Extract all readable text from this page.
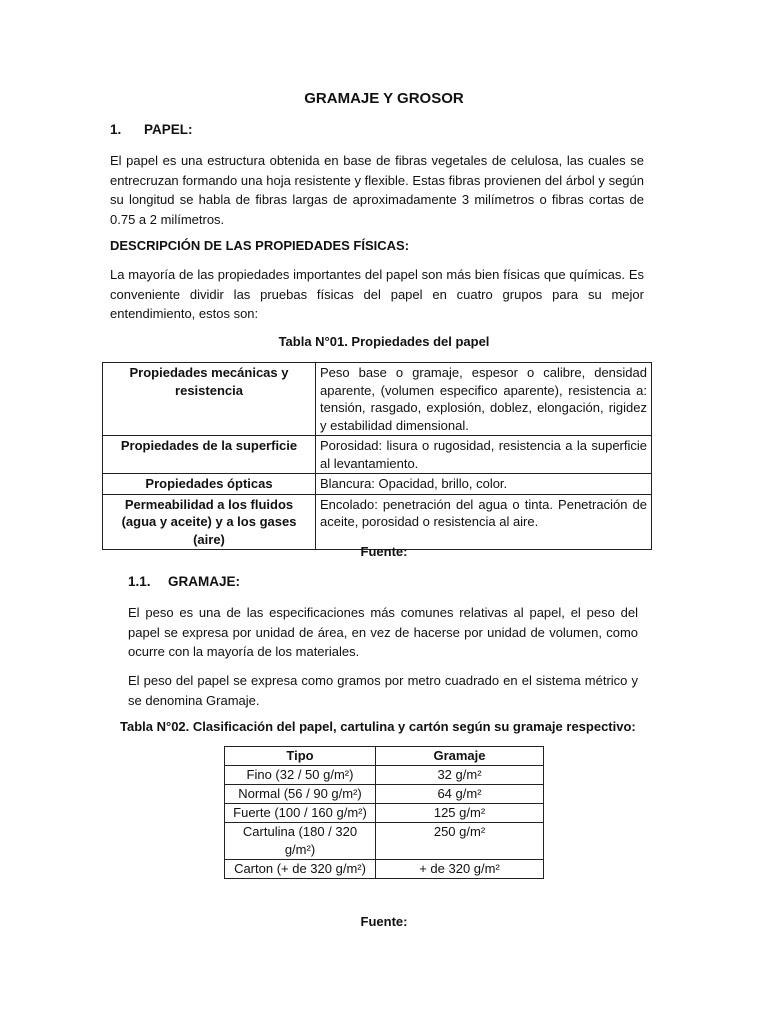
GRAMAJE Y GROSOR
1. PAPEL:

El papel es una estructura obtenida en base de fibras vegetales de celulosa, las cuales se entrecruzan formando una hoja resistente y flexible. Estas fibras provienen del árbol y según su longitud se habla de fibras largas de aproximadamente 3 milímetros o fibras cortas de 0.75 a 2 milímetros.

DESCRIPCIÓN DE LAS PROPIEDADES FÍSICAS:

La mayoría de las propiedades importantes del papel son más bien físicas que químicas. Es conveniente dividir las pruebas físicas del papel en cuatro grupos para su mejor entendimiento, estos son:

Tabla N°01. Propiedades del papel
Propiedades mecánicas y resistencia	Peso base o gramaje, espesor o calibre, densidad aparente, (volumen especifico aparente), resistencia a: tensión, rasgado, explosión, doblez, elongación, rigidez y estabilidad dimensional.
Propiedades de la superficie	Porosidad: lisura o rugosidad, resistencia a la superficie al levantamiento.
Propiedades ópticas	Blancura: Opacidad, brillo, color.
Permeabilidad a los fluidos (agua y aceite) y a los gases (aire)	Encolado: penetración del agua o tinta. Penetración de aceite, porosidad o resistencia al aire.
Fuente:
1.1. GRAMAJE:

El peso es una de las especificaciones más comunes relativas al papel, el peso del papel se expresa por unidad de área, en vez de hacerse por unidad de volumen, como ocurre con la mayoría de los materiales.

El peso del papel se expresa como gramos por metro cuadrado en el sistema métrico y se denomina Gramaje.

Tabla N°02. Clasificación del papel, cartulina y cartón según su gramaje respectivo:
Tipo	Gramaje
Fino (32 / 50 g/m²)	32 g/m²
Normal (56 / 90 g/m²)	64 g/m²
Fuerte (100 / 160 g/m²)	125 g/m²
Cartulina (180 / 320 g/m²)	250 g/m²
Carton (+ de 320 g/m²)	+ de 320 g/m²
Fuente:
